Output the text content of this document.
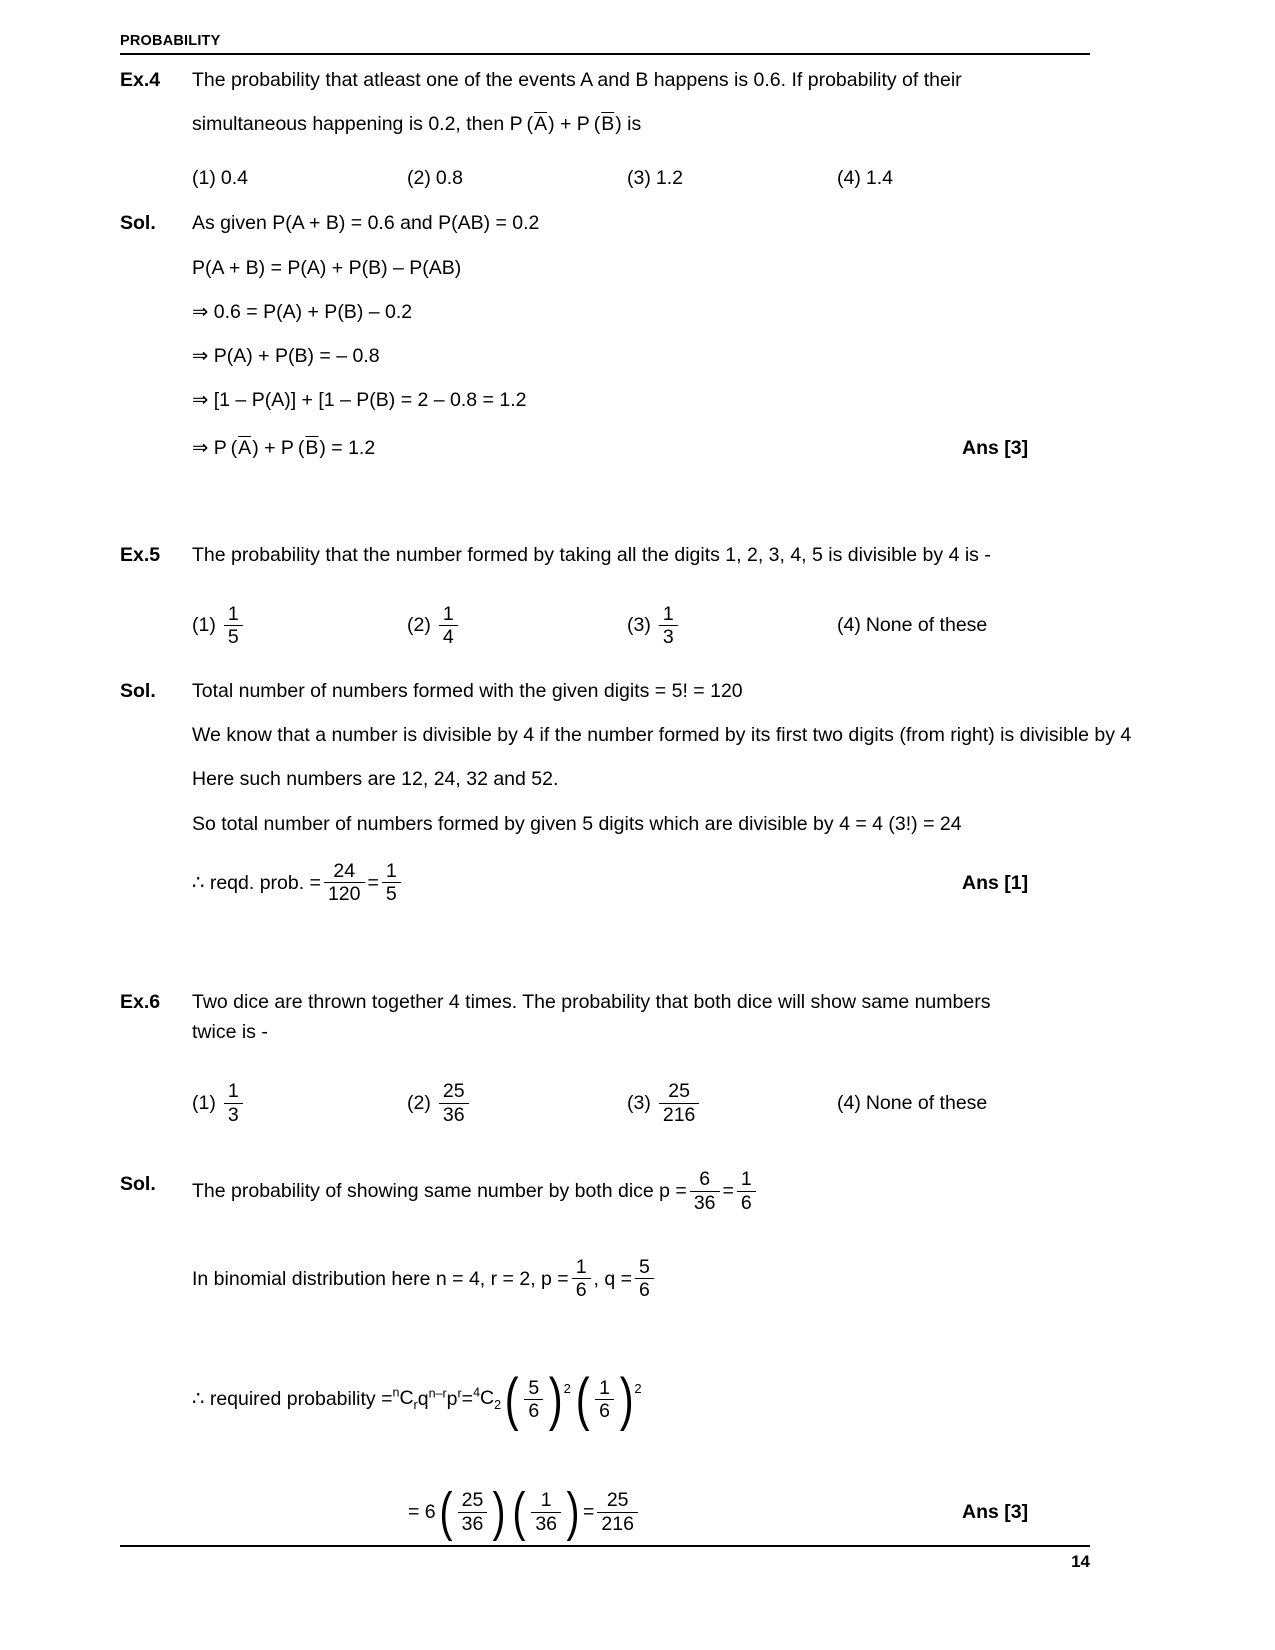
PROBABILITY
Ex.4	The probability that atleast one of the events A and B happens is 0.6. If probability of their
simultaneous happening is 0.2, then P  $(\overline{A}) + P$ $(\overline{B})$ is
(1) 0.4	(2) 0.8	(3) 1.2	(4) 1.4
Sol.	As given P(A + B) = 0.6 and P(AB) = 0.2
P(A + B) = P(A) + P(B) – P(AB)
⇒ 0.6 = P(A) + P(B) – 0.2
⇒ P(A) + P(B) = – 0.8
⇒ [1 – P(A)] + [1 – P(B) = 2 – 0.8 = 1.2
⇒ P  $(\overline{A}) + P$  $(\overline{B}) = 1.2$	Ans [3]
Ex.5	The probability that the number formed by taking all the digits 1, 2, 3, 4, 5 is divisible by 4 is -
$(1) \frac{1}{5}$	$(2) \frac{1}{4}$	$(3) \frac{1}{3}$	(4) None of these
Sol.	Total number of numbers formed with the given digits = 5! = 120
We know that a number is divisible by 4 if the number formed by its first two digits (from right) is divisible by 4
Here such numbers are 12, 24, 32 and 52.
So total number of numbers formed by given 5 digits which are divisible by 4 = 4 (3!) = 24
∴ reqd. prob. = $\frac{24}{120} = \frac{1}{5}$	Ans [1]
Ex.6	Two dice are thrown together 4 times. The probability that both dice will show same numbers
twice is -
$(1) \frac{1}{3}$	$(2) \frac{25}{36}$	$(3) \frac{25}{216}$	(4) None of these
Sol.	The probability of showing same number by both dice $p = \frac{6}{36} = \frac{1}{6}$
In binomial distribution here n = 4, r = 2, $p = \frac{1}{6}$ , $q = \frac{5}{6}$
∴ required probability = $^nC_r$ $q^{n-r}$ $p^r = ^4C_2$ ( $\frac{5}{6}$ ) 2 ( $\frac{1}{6}$ ) 2
= 6 ( $\frac{25}{36}$ ) ( $\frac{1}{36}$ ) = $\frac{25}{216}$	Ans [3]
14
